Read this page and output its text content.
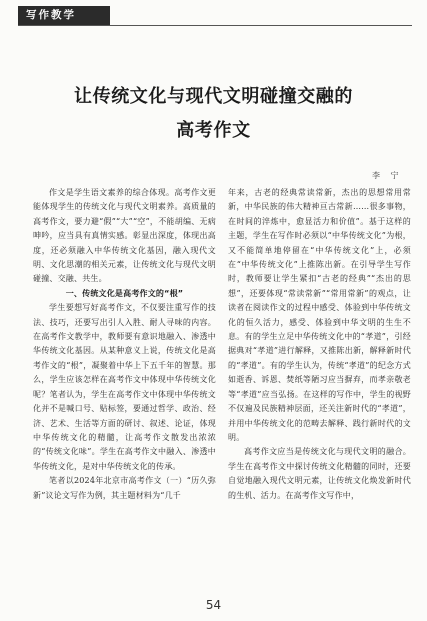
写作教学
让传统文化与现代文明碰撞交融的
高考作文
李 宁

作文是学生语文素养的综合体现。高考作文更能体现学生的传统文化与现代文明素养。高质量的高考作文，要力避“假”“大”“空”，不能胡编、无病呻吟，应当具有真情实感。彰显出深度，体现出高度，还必须融入中华传统文化基因，融入现代文明、文化思潮的相关元素，让传统文化与现代文明碰撞、交融、共生。

一、传统文化是高考作文的“根”

学生要想写好高考作文，不仅要注重写作的技法、技巧，还要写出引人入胜、耐人寻味的内容。在高考作文教学中，教师要有意识地融入、渗透中华传统文化基因。从某种意义上说，传统文化是高考作文的“根”，凝聚着中华上下五千年的智慧。那么，学生应该怎样在高考作文中体现中华传统文化呢？笔者认为，学生在高考作文中体现中华传统文化并不是喊口号、贴标签，要通过哲学、政治、经济、艺术、生活等方面的研讨、叙述、论证，体现中华传统文化的精髓，让高考作文散发出浓浓的“传统文化味”。学生在高考作文中融入、渗透中华传统文化，是对中华传统文化的传承。

笔者以2024年北京市高考作文（一）“历久弥新”议论文写作为例，其主题材料为“几千

年来，古老的经典常读常新，杰出的思想常用常新，中华民族的伟大精神亘古常新……很多事物，在时间的淬炼中，愈显活力和价值”。基于这样的主题，学生在写作时必须以“中华传统文化”为根，又不能简单地停留在“中华传统文化”上，必须在“中华传统文化”上推陈出新。在引导学生写作时，教师要让学生紧扣“古老的经典”“杰出的思想”，还要体现“常读常新”“常用常新”的观点，让读者在阅读作文的过程中感受、体验到中华传统文化的恒久活力，感受、体验到中华文明的生生不息。有的学生立足中华传统文化中的“孝道”，引经据典对“孝道”进行解释，又推陈出新，解释新时代的“孝道”。有的学生认为，传统“孝道”的纪念方式如逝香、诉恩、焚纸等陋习应当摒弃，而孝亲敬老等“孝道”应当弘扬。在这样的写作中，学生的视野不仅遍及民族精神层面，还关注新时代的“孝道”，并用中华传统文化的范畴去解释、践行新时代的文明。

高考作文应当是传统文化与现代文明的融合。学生在高考作文中探讨传统文化精髓的同时，还要自觉地融入现代文明元素，让传统文化焕发新时代的生机、活力。在高考作文写作中，

54
